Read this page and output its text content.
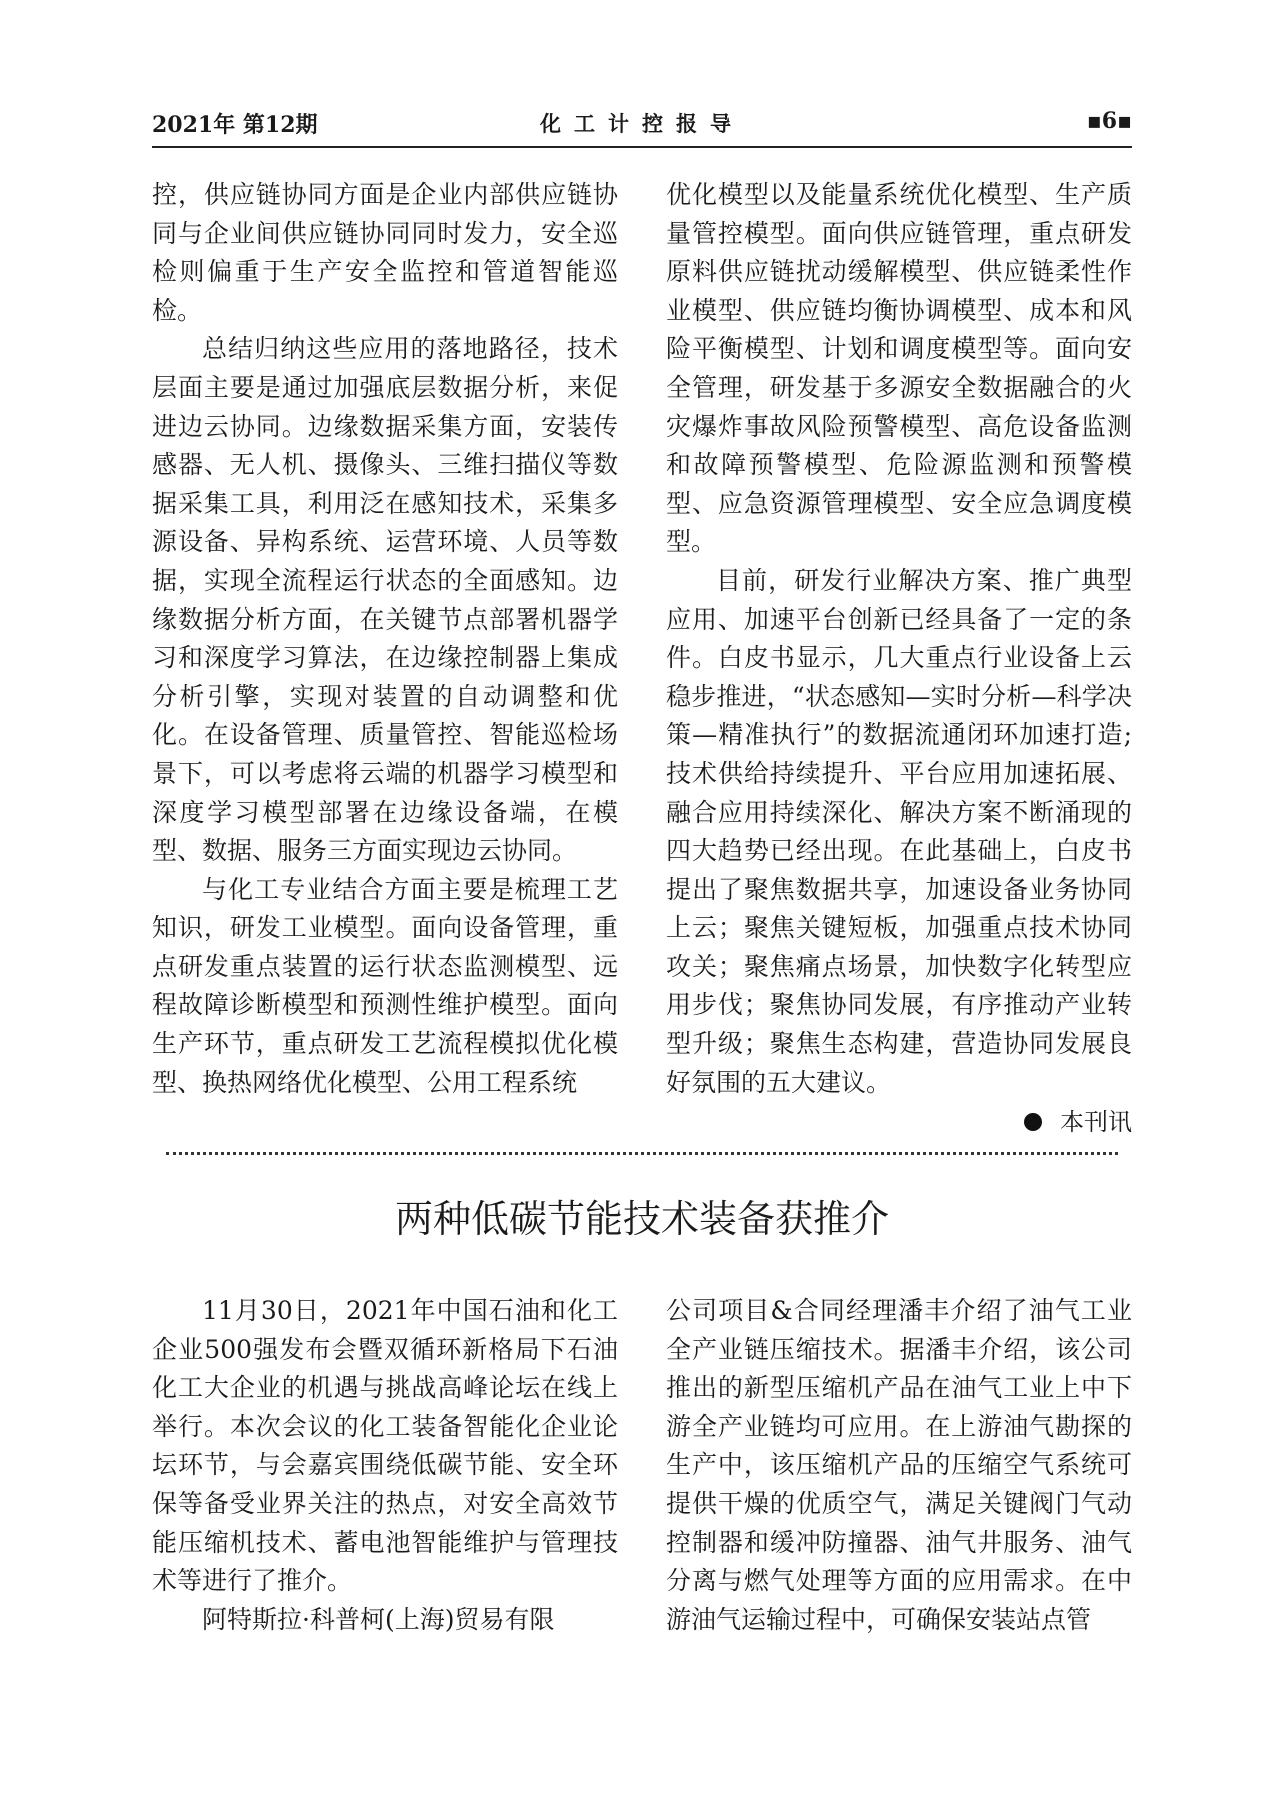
2021年 第12期	化工计控报导	▪6▪

控，供应链协同方面是企业内部供应链协同与企业间供应链协同同时发力，安全巡检则偏重于生产安全监控和管道智能巡检。

总结归纳这些应用的落地路径，技术层面主要是通过加强底层数据分析，来促进边云协同。边缘数据采集方面，安装传感器、无人机、摄像头、三维扫描仪等数据采集工具，利用泛在感知技术，采集多源设备、异构系统、运营环境、人员等数据，实现全流程运行状态的全面感知。边缘数据分析方面，在关键节点部署机器学习和深度学习算法，在边缘控制器上集成分析引擎，实现对装置的自动调整和优化。在设备管理、质量管控、智能巡检场景下，可以考虑将云端的机器学习模型和深度学习模型部署在边缘设备端，在模型、数据、服务三方面实现边云协同。

与化工专业结合方面主要是梳理工艺知识，研发工业模型。面向设备管理，重点研发重点装置的运行状态监测模型、远程故障诊断模型和预测性维护模型。面向生产环节，重点研发工艺流程模拟优化模型、换热网络优化模型、公用工程系统

优化模型以及能量系统优化模型、生产质量管控模型。面向供应链管理，重点研发原料供应链扰动缓解模型、供应链柔性作业模型、供应链均衡协调模型、成本和风险平衡模型、计划和调度模型等。面向安全管理，研发基于多源安全数据融合的火灾爆炸事故风险预警模型、高危设备监测和故障预警模型、危险源监测和预警模型、应急资源管理模型、安全应急调度模型。

目前，研发行业解决方案、推广典型应用、加速平台创新已经具备了一定的条件。白皮书显示，几大重点行业设备上云稳步推进，“状态感知—实时分析—科学决策—精准执行”的数据流通闭环加速打造;技术供给持续提升、平台应用加速拓展、融合应用持续深化、解决方案不断涌现的四大趋势已经出现。在此基础上，白皮书提出了聚焦数据共享，加速设备业务协同上云；聚焦关键短板，加强重点技术协同攻关；聚焦痛点场景，加快数字化转型应用步伐；聚焦协同发展，有序推动产业转型升级；聚焦生态构建，营造协同发展良好氛围的五大建议。

本刊讯
两种低碳节能技术装备获推介

11月30日，2021年中国石油和化工企业500强发布会暨双循环新格局下石油化工大企业的机遇与挑战高峰论坛在线上举行。本次会议的化工装备智能化企业论坛环节，与会嘉宾围绕低碳节能、安全环保等备受业界关注的热点，对安全高效节能压缩机技术、蓄电池智能维护与管理技术等进行了推介。

阿特斯拉·科普柯(上海)贸易有限

公司项目&合同经理潘丰介绍了油气工业全产业链压缩技术。据潘丰介绍，该公司推出的新型压缩机产品在油气工业上中下游全产业链均可应用。在上游油气勘探的生产中，该压缩机产品的压缩空气系统可提供干燥的优质空气，满足关键阀门气动控制器和缓冲防撞器、油气井服务、油气分离与燃气处理等方面的应用需求。在中游油气运输过程中，可确保安装站点管
